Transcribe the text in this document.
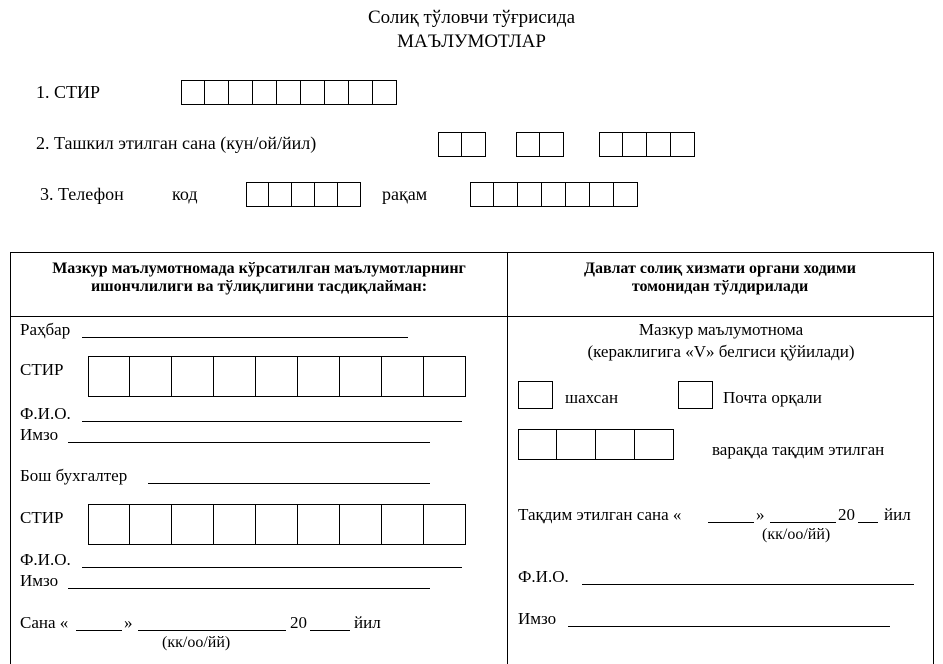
Солиқ тўловчи тўғрисида
МАЪЛУМОТЛАР
1. СТИР
2. Ташкил этилган сана (кун/ой/йил)
3. Телефон	код	рақам
Мазкур маълумотномада кўрсатилган маълумотларнинг ишончлилиги ва тўлиқлигини тасдиқлайман:
Давлат солиқ хизмати органи ходими томонидан тўлдирилади
Раҳбар
СТИР
Ф.И.О.
Имзо
Бош бухгалтер
СТИР
Ф.И.О.
Имзо
Сана «	»	20	йил
(кк/оо/йй)
Мазкур маълумотнома
(кераклигига «V» белгиси қўйилади)
шахсан	Почта орқали
варақда тақдим этилган
Тақдим этилган сана «	»	20 йил
(кк/оо/йй)
Ф.И.О.
Имзо
